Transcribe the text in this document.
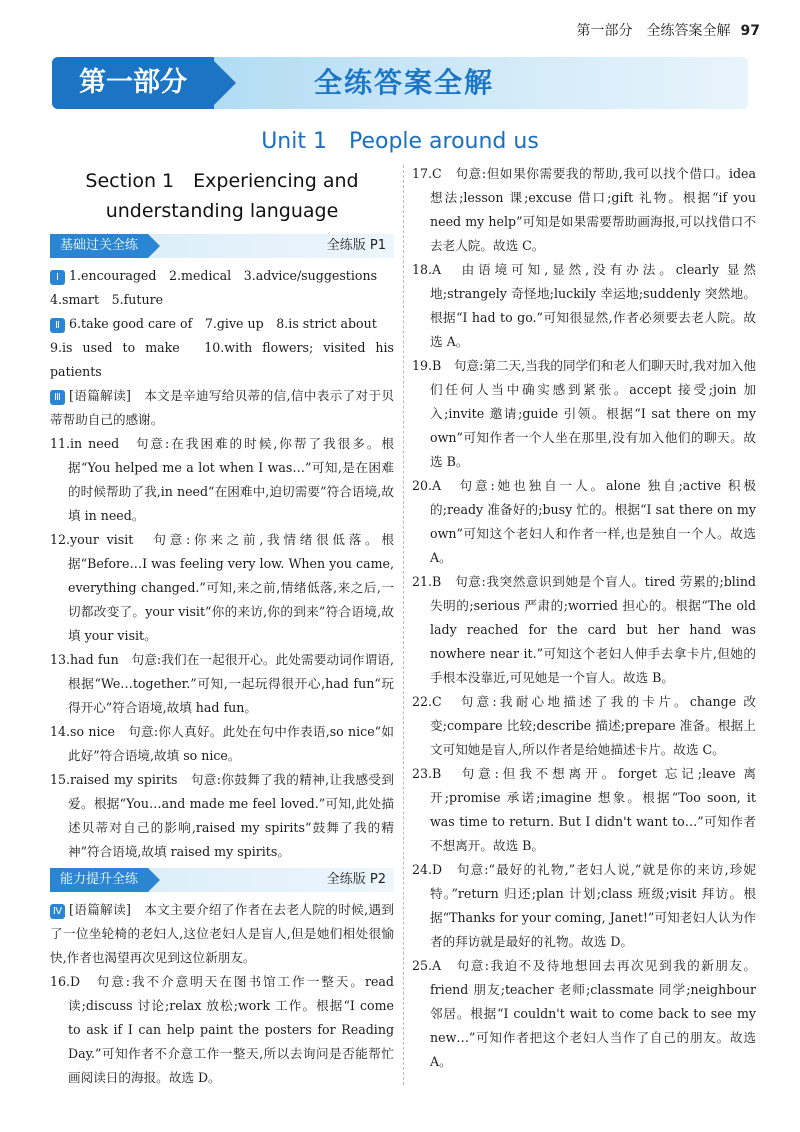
第一部分　全练答案全解 97
第一部分	全练答案全解
Unit 1　People around us
Section 1　Experiencing and
understanding language
基础过关全练	全练版 P1

Ⅰ 1.encouraged　2.medical　3.advice/suggestions

4.smart　5.future

Ⅱ 6.take good care of　7.give up　8.is strict about

9.is used to make　10.with flowers; visited his patients

Ⅲ [语篇解读]　本文是辛迪写给贝蒂的信,信中表示了对于贝蒂帮助自己的感谢。

11.in need　句意:在我困难的时候,你帮了我很多。根据“You helped me a lot when I was…”可知,是在困难的时候帮助了我,in need“在困难中,迫切需要”符合语境,故填 in need。

12.your visit　句意:你来之前,我情绪很低落。根据“Before…I was feeling very low. When you came, everything changed.”可知,来之前,情绪低落,来之后,一切都改变了。your visit“你的来访,你的到来”符合语境,故填 your visit。

13.had fun　句意:我们在一起很开心。此处需要动词作谓语,根据“We…together.”可知,一起玩得很开心,had fun“玩得开心”符合语境,故填 had fun。

14.so nice　句意:你人真好。此处在句中作表语,so nice“如此好”符合语境,故填 so nice。

15.raised my spirits　句意:你鼓舞了我的精神,让我感受到爱。根据“You…and made me feel loved.”可知,此处描述贝蒂对自己的影响,raised my spirits“鼓舞了我的精神”符合语境,故填 raised my spirits。

能力提升全练	全练版 P2

Ⅳ [语篇解读]　本文主要介绍了作者在去老人院的时候,遇到了一位坐轮椅的老妇人,这位老妇人是盲人,但是她们相处很愉快,作者也渴望再次见到这位新朋友。

16.D　句意:我不介意明天在图书馆工作一整天。read 读;discuss 讨论;relax 放松;work 工作。根据“I come to ask if I can help paint the posters for Reading Day.”可知作者不介意工作一整天,所以去询问是否能帮忙画阅读日的海报。故选 D。

17.C　句意:但如果你需要我的帮助,我可以找个借口。idea 想法;lesson 课;excuse 借口;gift 礼物。根据“if you need my help”可知是如果需要帮助画海报,可以找借口不去老人院。故选 C。

18.A　由语境可知,显然,没有办法。clearly 显然地;strangely 奇怪地;luckily 幸运地;suddenly 突然地。根据“I had to go.”可知很显然,作者必须要去老人院。故选 A。

19.B　句意:第二天,当我的同学们和老人们聊天时,我对加入他们任何人当中确实感到紧张。accept 接受;join 加入;invite 邀请;guide 引领。根据“I sat there on my own”可知作者一个人坐在那里,没有加入他们的聊天。故选 B。

20.A　句意:她也独自一人。alone 独自;active 积极的;ready 准备好的;busy 忙的。根据“I sat there on my own”可知这个老妇人和作者一样,也是独自一个人。故选 A。

21.B　句意:我突然意识到她是个盲人。tired 劳累的;blind 失明的;serious 严肃的;worried 担心的。根据“The old lady reached for the card but her hand was nowhere near it.”可知这个老妇人伸手去拿卡片,但她的手根本没靠近,可见她是一个盲人。故选 B。

22.C　句意:我耐心地描述了我的卡片。change 改变;compare 比较;describe 描述;prepare 准备。根据上文可知她是盲人,所以作者是给她描述卡片。故选 C。

23.B　句意:但我不想离开。forget 忘记;leave 离开;promise 承诺;imagine 想象。根据“Too soon, it was time to return. But I didn't want to…”可知作者不想离开。故选 B。

24.D　句意:“最好的礼物,”老妇人说,“就是你的来访,珍妮特。”return 归还;plan 计划;class 班级;visit 拜访。根据“Thanks for your coming, Janet!”可知老妇人认为作者的拜访就是最好的礼物。故选 D。

25.A　句意:我迫不及待地想回去再次见到我的新朋友。friend 朋友;teacher 老师;classmate 同学;neighbour 邻居。根据“I couldn't wait to come back to see my new…”可知作者把这个老妇人当作了自己的朋友。故选 A。
